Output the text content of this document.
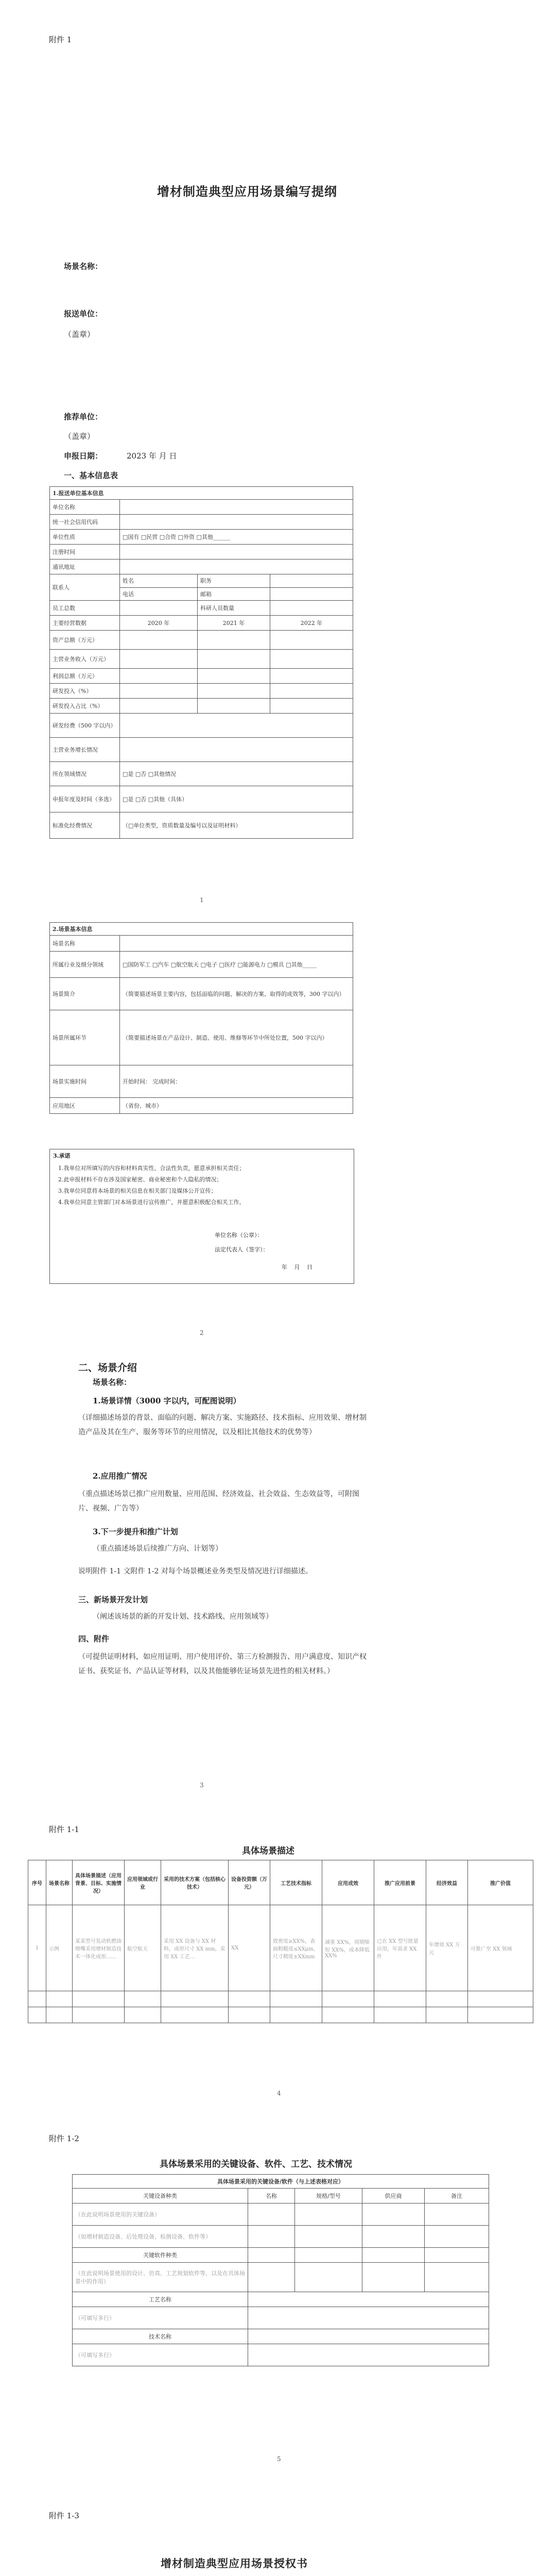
附件 1
增材制造典型应用场景编写提纲
场景名称：
报送单位：
（盖章）
推荐单位：
（盖章）
申报日期：	2023 年 月 日
一、基本信息表
1.报送单位基本信息			
单位名称			
统一社会信用代码			
单位性质	□国有 □民营 □合资 □外资 □其他______		
注册时间			
通讯地址			
联系人	姓名	职务	
	电话	邮箱	
员工总数		科研人员数量	
主要经营数据	2020 年	2021 年	2022 年
资产总额（万元）			
主营业务收入（万元）			
利润总额（万元）			
研发投入（%）			
研发投入占比（%）			
研发经费（500 字以内）			
主营业务增长情况			
所在领域情况	□是 □否 □其他情况		
申报年度及时间（多选）	□是 □否 □其他（具体）		
标准化经费情况	（□单位类型，资质数量及编号以及证明材料）		
1
2.场景基本信息	
场景名称	
所属行业及细分领域	□国防军工 □汽车 □航空航天 □电子 □医疗 □能源电力 □模具 □其他_____
场景简介	（简要描述场景主要内容，包括面临的问题、解决的方案、取得的成效等，300 字以内）
场景所属环节	（简要描述场景在产品设计、制造、使用、维修等环节中所处位置，500 字以内）
场景实施时间	开始时间： 完成时间：
应用地区	（省份、城市）
3.承诺
1.我单位对所填写的内容和材料真实性、合法性负责，愿意承担相关责任；
2.此申报材料不存在涉及国家秘密、商业秘密和个人隐私的情况；
3.我单位同意将本场景的相关信息在相关部门及媒体公开宣传；
4.我单位同意主管部门对本场景进行宣传推广，并愿意积极配合相关工作。
单位名称（公章）：
法定代表人（签字）：
年 月 日
2
二、场景介绍
场景名称：
1.场景详情（3000 字以内，可配图说明）
（详细描述场景的背景、面临的问题、解决方案、实施路径、技术指标、应用效果、增材制造产品及其在生产、服务等环节的应用情况，以及相比其他技术的优势等）
2.应用推广情况
（重点描述场景已推广应用数量、应用范围、经济效益、社会效益、生态效益等，可附图片、视频、广告等）
3.下一步提升和推广计划
（重点描述场景后续推广方向、计划等）
说明附件 1-1 文附件 1-2 对每个场景概述业务类型及情况进行详细描述。
三、新场景开发计划
（阐述该场景的新的开发计划、技术路线、应用领域等）
四、附件
（可提供证明材料，如应用证明、用户使用评价、第三方检测报告、用户满意度、知识产权证书、获奖证书、产品认证等材料，以及其他能够佐证场景先进性的相关材料。）
3
附件 1-1
具体场景描述
序号	场景名称	具体场景描述（应用背景、目标、实施情况）	应用领域或行业	采用的技术方案（包括核心技术）	设备投资额（万元）	工艺技术指标	应用成效	推广应用前景	经济效益	推广价值
1	示例	某某型号发动机燃油喷嘴采用增材制造技术一体化成形……	航空航天	采用 XX 设备与 XX 材料，成形尺寸 XX mm，采用 XX 工艺…	XX	致密度≥XX%，表面粗糙度≤XXμm，尺寸精度±XXmm	减重 XX%，周期缩短 XX%，成本降低 XX%	已在 XX 型号批量应用，年需求 XX 件	年增效 XX 万元	可推广至 XX 领域

4
附件 1-2
具体场景采用的关键设备、软件、工艺、技术情况
具体场景采用的关键设备/软件（与上述表格对应）				
关键设备种类	名称	规格/型号	供应商	备注
（在此说明场景使用的关键设备）				
（如增材制造设备、后处理设备、检测设备、软件等）				
关键软件种类				
（在此说明场景使用的设计、仿真、工艺规划软件等，以及在具体场景中的作用）				
工艺名称				
（可填写多行）				
技术名称				
（可填写多行）				
5
附件 1-3
增材制造典型应用场景授权书
